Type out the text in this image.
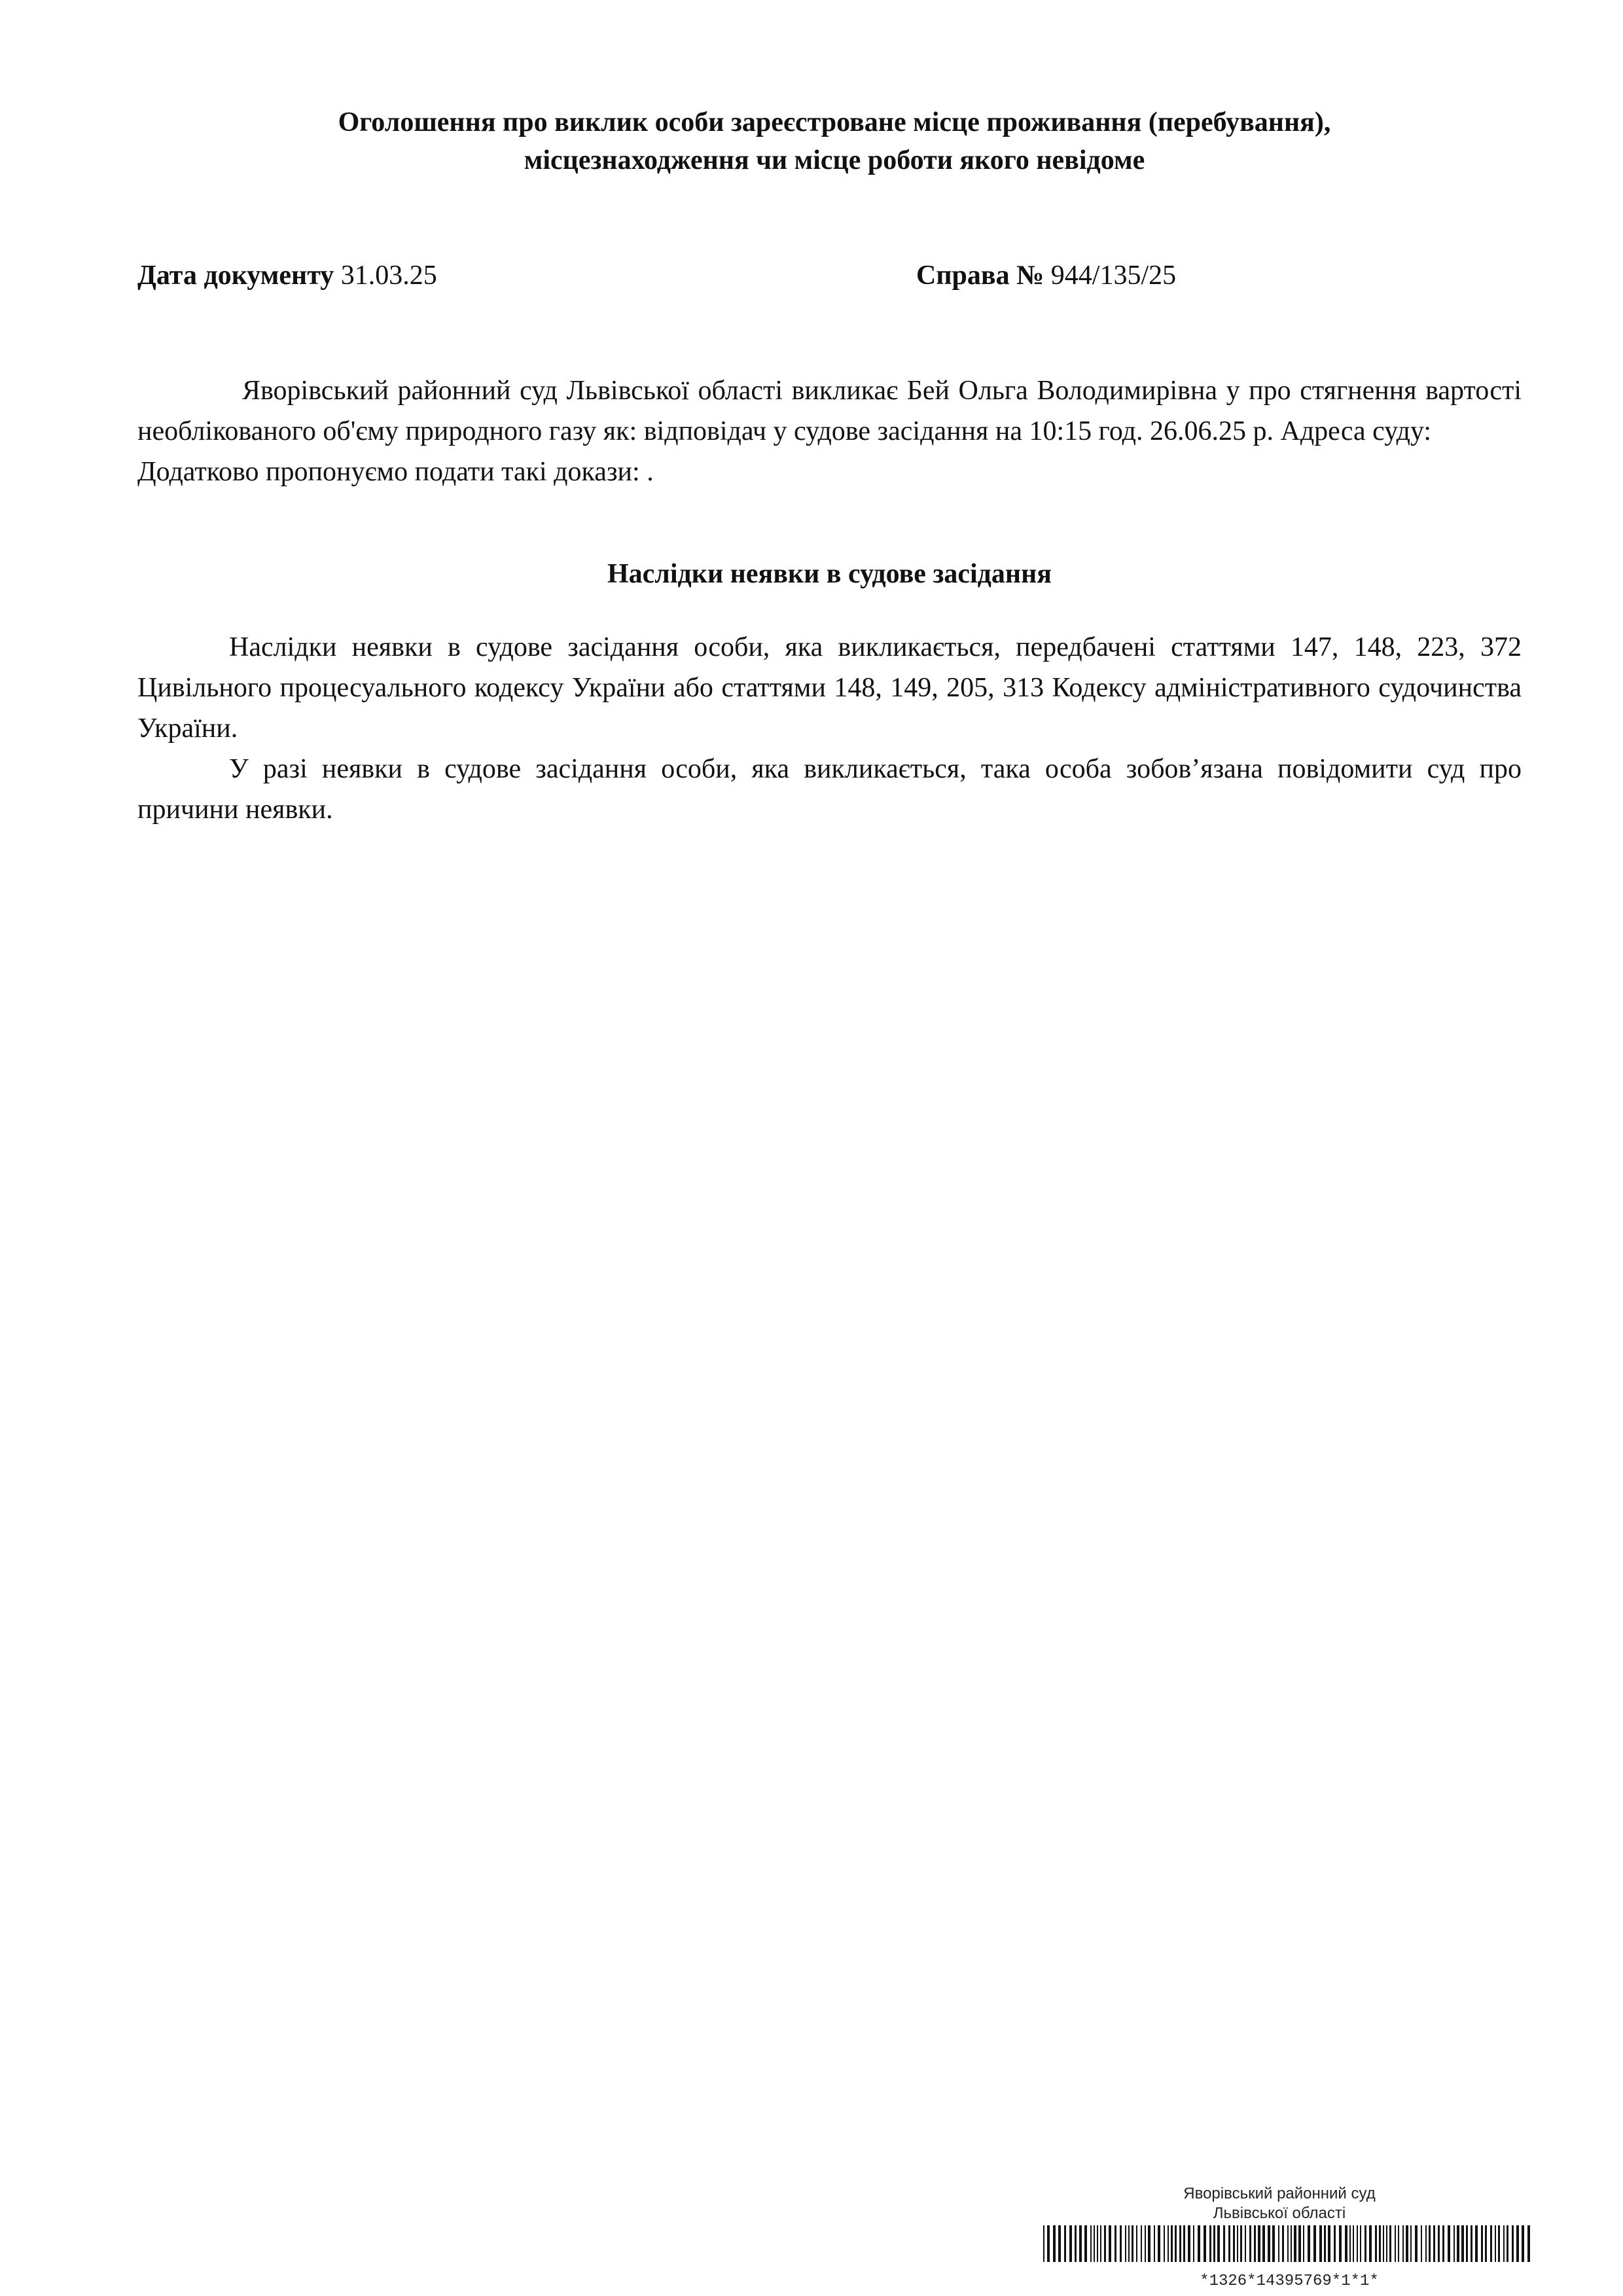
Оголошення про виклик особи зареєстроване місце проживання (перебування),
місцезнаходження чи місце роботи якого невідоме
Дата документу 31.03.25	Справа № 944/135/25
Яворівський районний суд Львівської області викликає Бей Ольга Володимирівна у про стягнення вартості необлікованого об'єму природного газу як: відповідач у судове засідання на 10:15 год. 26.06.25 р. Адреса суду:
Додатково пропонуємо подати такі докази: .
Наслідки неявки в судове засідання
Наслідки неявки в судове засідання особи, яка викликається, передбачені статтями 147, 148, 223, 372 Цивільного процесуального кодексу України або статтями 148, 149, 205, 313 Кодексу адміністративного судочинства України.
У разі неявки в судове засідання особи, яка викликається, така особа зобов’язана повідомити суд про причини неявки.
Яворівський районний суд
Львівської області
*1326*14395769*1*1*
